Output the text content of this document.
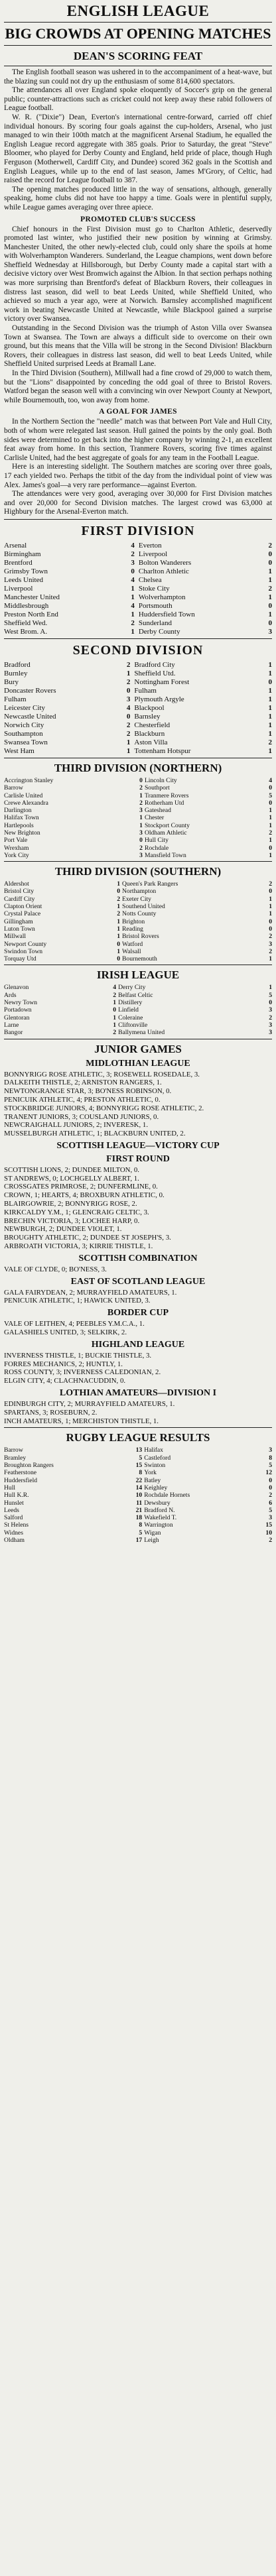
ENGLISH LEAGUE
BIG CROWDS AT OPENING MATCHES
DEAN'S SCORING FEAT

The English football season was ushered in to the accompaniment of a heat-wave, but the blazing sun could not dry up the enthusiasm of some 814,600 spectators.

The attendances all over England spoke eloquently of Soccer's grip on the general public; counter-attractions such as cricket could not keep away these rabid followers of League football.

W. R. ("Dixie") Dean, Everton's international centre-forward, carried off chief individual honours. By scoring four goals against the cup-holders, Arsenal, who just managed to win their 100th match at the magnificent Arsenal Stadium, he equalled the English League record aggregate with 385 goals. Prior to Saturday, the great "Steve" Bloomer, who played for Derby County and England, held pride of place, though Hugh Ferguson (Motherwell, Cardiff City, and Dundee) scored 362 goals in the Scottish and English Leagues, while up to the end of last season, James M'Grory, of Celtic, had raised the record for League football to 387.

The opening matches produced little in the way of sensations, although, generally speaking, home clubs did not have too happy a time. Goals were in plentiful supply, while League games averaging over three apiece.

PROMOTED CLUB'S SUCCESS

Chief honours in the First Division must go to Charlton Athletic, deservedly promoted last winter, who justified their new position by winning at Grimsby. Manchester United, the other newly-elected club, could only share the spoils at home with Wolverhampton Wanderers. Sunderland, the League champions, went down before Sheffield Wednesday at Hillsborough, but Derby County made a capital start with a decisive victory over West Bromwich against the Albion. In that section perhaps nothing was more surprising than Brentford's defeat of Blackburn Rovers, their colleagues in distress last season, did well to beat Leeds United, while Sheffield United, who achieved so much a year ago, were at Norwich. Barnsley accomplished magnificent work in beating Newcastle United at Newcastle, while Blackpool gained a surprise victory over Swansea.

Outstanding in the Second Division was the triumph of Aston Villa over Swansea Town at Swansea. The Town are always a difficult side to overcome on their own ground, but this means that the Villa will be strong in the Second Division! Blackburn Rovers, their colleagues in distress last season, did well to beat Leeds United, while Sheffield United surprised Leeds at Bramall Lane.

In the Third Division (Southern), Millwall had a fine crowd of 29,000 to watch them, but the "Lions" disappointed by conceding the odd goal of three to Bristol Rovers. Watford began the season well with a convincing win over Newport County at Newport, while Bournemouth, too, won away from home.

A GOAL FOR JAMES

In the Northern Section the "needle" match was that between Port Vale and Hull City, both of whom were relegated last season. Hull gained the points by the only goal. Both sides were determined to get back into the higher company by winning 2-1, an excellent feat away from home. In this section, Tranmere Rovers, scoring five times against Carlisle United, had the best aggregate of goals for any team in the Football League.

Here is an interesting sidelight. The Southern matches are scoring over three goals, 17 each yielded two. Perhaps the titbit of the day from the individual point of view was Alex. James's goal—a very rare performance—against Everton.

The attendances were very good, averaging over 30,000 for First Division matches and over 20,000 for Second Division matches. The largest crowd was 63,000 at Highbury for the Arsenal-Everton match.

FIRST DIVISION
Arsenal	4	Everton	2
Birmingham	2	Liverpool	0
Brentford	3	Bolton Wanderers	0
Grimsby Town	0	Charlton Athletic	1
Leeds United	4	Chelsea	1
Liverpool	1	Stoke City	2
Manchester United	1	Wolverhampton	1
Middlesbrough	4	Portsmouth	0
Preston North End	1	Huddersfield Town	1
Sheffield Wed.	2	Sunderland	0
West Brom. A.	1	Derby County	3
SECOND DIVISION
Bradford	2	Bradford City	1
Burnley	1	Sheffield Utd.	1
Bury	2	Nottingham Forest	0
Doncaster Rovers	0	Fulham	1
Fulham	3	Plymouth Argyle	1
Leicester City	4	Blackpool	1
Newcastle United	0	Barnsley	1
Norwich City	2	Chesterfield	1
Southampton	2	Blackburn	1
Swansea Town	1	Aston Villa	2
West Ham	1	Tottenham Hotspur	1
THIRD DIVISION (NORTHERN)
Accrington Stanley	0	Lincoln City	4
Barrow	2	Southport	0
Carlisle United	1	Tranmere Rovers	5
Crewe Alexandra	2	Rotherham Utd	0
Darlington	3	Gateshead	1
Halifax Town	1	Chester	1
Hartlepools	1	Stockport County	1
New Brighton	3	Oldham Athletic	2
Port Vale	0	Hull City	1
Wrexham	2	Rochdale	0
York City	3	Mansfield Town	1
THIRD DIVISION (SOUTHERN)
Aldershot	1	Queen's Park Rangers	2
Bristol City	0	Northampton	0
Cardiff City	2	Exeter City	1
Clapton Orient	1	Southend United	1
Crystal Palace	2	Notts County	1
Gillingham	1	Brighton	0
Luton Town	1	Reading	0
Millwall	1	Bristol Rovers	2
Newport County	0	Watford	3
Swindon Town	1	Walsall	2
Torquay Utd	0	Bournemouth	1
IRISH LEAGUE
Glenavon	4	Derry City	1
Ards	2	Belfast Celtic	5
Newry Town	1	Distillery	0
Portadown	0	Linfield	3
Glentoran	1	Coleraine	2
Larne	1	Cliftonville	3
Bangor	2	Ballymena United	3
JUNIOR GAMES
MIDLOTHIAN LEAGUE

BONNYRIGG ROSE ATHLETIC, 3; ROSEWELL ROSEDALE, 3.

DALKEITH THISTLE, 2; ARNISTON RANGERS, 1.

NEWTONGRANGE STAR, 3; BO'NESS ROBINSON, 0.

PENICUIK ATHLETIC, 4; PRESTON ATHLETIC, 0.

STOCKBRIDGE JUNIORS, 4; BONNYRIGG ROSE ATHLETIC, 2.

TRANENT JUNIORS, 3; COUSLAND JUNIORS, 0.

NEWCRAIGHALL JUNIORS, 2; INVERESK, 1.

MUSSELBURGH ATHLETIC, 1; BLACKBURN UNITED, 2.

SCOTTISH LEAGUE—VICTORY CUP
FIRST ROUND

SCOTTISH LIONS, 2; DUNDEE MILTON, 0.

ST ANDREWS, 0; LOCHGELLY ALBERT, 1.

CROSSGATES PRIMROSE, 2; DUNFERMLINE, 0.

CROWN, 1; HEARTS, 4; BROXBURN ATHLETIC, 0.

BLAIRGOWRIE, 2; BONNYRIGG ROSE, 2.

KIRKCALDY Y.M., 1; GLENCRAIG CELTIC, 3.

BRECHIN VICTORIA, 3; LOCHEE HARP, 0.

NEWBURGH, 2; DUNDEE VIOLET, 1.

BROUGHTY ATHLETIC, 2; DUNDEE ST JOSEPH'S, 3.

ARBROATH VICTORIA, 3; KIRRIE THISTLE, 1.

SCOTTISH COMBINATION

VALE OF CLYDE, 0; BO'NESS, 3.

EAST OF SCOTLAND LEAGUE

GALA FAIRYDEAN, 2; MURRAYFIELD AMATEURS, 1.

PENICUIK ATHLETIC, 1; HAWICK UNITED, 3.

BORDER CUP

VALE OF LEITHEN, 4; PEEBLES Y.M.C.A., 1.

GALASHIELS UNITED, 3; SELKIRK, 2.

HIGHLAND LEAGUE

INVERNESS THISTLE, 1; BUCKIE THISTLE, 3.

FORRES MECHANICS, 2; HUNTLY, 1.

ROSS COUNTY, 3; INVERNESS CALEDONIAN, 2.

ELGIN CITY, 4; CLACHNACUDDIN, 0.

LOTHIAN AMATEURS—DIVISION I

EDINBURGH CITY, 2; MURRAYFIELD AMATEURS, 1.

SPARTANS, 3; ROSEBURN, 2.

INCH AMATEURS, 1; MERCHISTON THISTLE, 1.

RUGBY LEAGUE RESULTS
Barrow	13	Halifax	3
Bramley	5	Castleford	8
Broughton Rangers	15	Swinton	5
Featherstone	8	York	12
Huddersfield	22	Batley	0
Hull	14	Keighley	0
Hull K.R.	10	Rochdale Hornets	2
Hunslet	11	Dewsbury	6
Leeds	21	Bradford N.	5
Salford	18	Wakefield T.	3
St Helens	8	Warrington	15
Widnes	5	Wigan	10
Oldham	17	Leigh	2
